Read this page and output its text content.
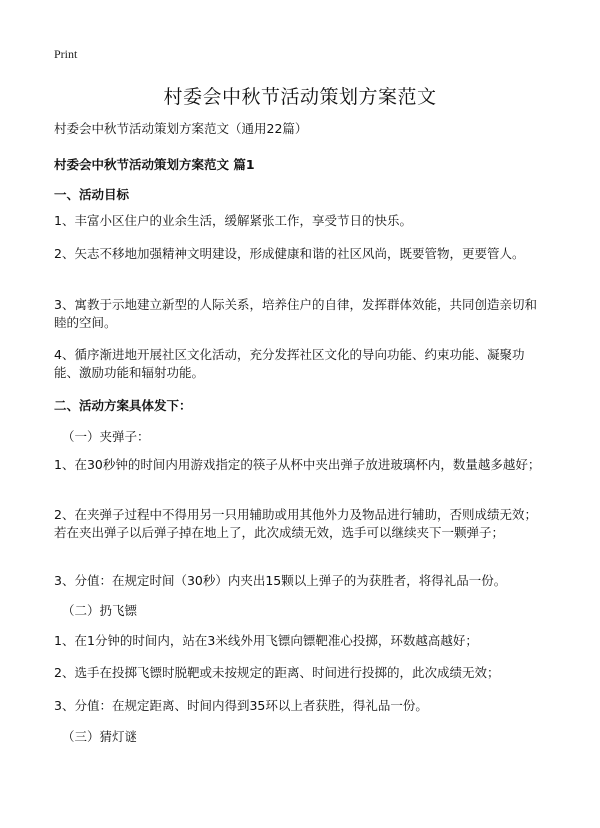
Print
村委会中秋节活动策划方案范文
村委会中秋节活动策划方案范文（通用22篇）
村委会中秋节活动策划方案范文 篇1
一、活动目标

1、丰富小区住户的业余生活，缓解紧张工作，享受节日的快乐。

2、矢志不移地加强精神文明建设，形成健康和谐的社区风尚，既要管物，更要管人。

3、寓教于示地建立新型的人际关系，培养住户的自律，发挥群体效能，共同创造亲切和睦的空间。

4、循序渐进地开展社区文化活动，充分发挥社区文化的导向功能、约束功能、凝聚功能、激励功能和辐射功能。

二、活动方案具体发下：
（一）夹弹子：

1、在30秒钟的时间内用游戏指定的筷子从杯中夹出弹子放进玻璃杯内，数量越多越好；

2、在夹弹子过程中不得用另一只用辅助或用其他外力及物品进行辅助，否则成绩无效；若在夹出弹子以后弹子掉在地上了，此次成绩无效，选手可以继续夹下一颗弹子；

3、分值：在规定时间（30秒）内夹出15颗以上弹子的为获胜者，将得礼品一份。

（二）扔飞镖

1、在1分钟的时间内，站在3米线外用飞镖向镖靶准心投掷，环数越高越好；

2、选手在投掷飞镖时脱靶或未按规定的距离、时间进行投掷的，此次成绩无效；

3、分值：在规定距离、时间内得到35环以上者获胜，得礼品一份。

（三）猜灯谜
